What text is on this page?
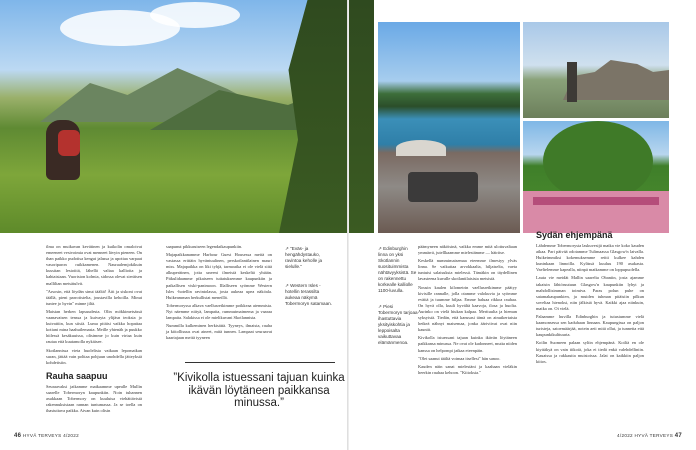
ilma on muikavan kevätinen ja kuikolin omaloivat emeeneet vesivoimia ovat menneet lävyin pieneen. On than paikko pudotisa kengat jalassa ja upottaa varpaat vasoriparon ruikkamenen. Nauraalemjokikuin kussitan lestoiitä, lähellä valtaa kallioita ja kahtaisiaan. Vuoriston kolmia, sidossa olevat sieräisen malliltan metsätulvit.

"Arsosin, että löydän sinut täältä! Äiti ja siskoni ovat täällä, pieni parrotistelta, joustavilla kehoilla. Minut tuntee jo hyvin" minne jiltä.

Maistan herken lapsuudesta. Olin mökkimetsässä vaanavaisen tenssa ja kuivayta ylijäsn teoksia jo kuivattiin, kun siisiä. Luma pitäisi vaikka hopattaa kotiani mina haahuilemasta. Meille yhtenäh ja puukko hiilessä kesäkuuissa, olisimme jo kuin virtaa kuin rautaa että kuutamolla nykäisee.

Skotlannissa vieta huolelista vaikaan lepomatkan suran, jättää vain polttaa pohjuun unohdella jätteyksiä kohdetisiin.

Rauha saapuu

Seuraavaksi jatkamme matkaamme upealle Mullin saarelle Tobermoryn kaupunkiin. Noin tuhannen asukkaan Tobermory on kuuluisa viehättävistä rakennuksistaan rannan tuntumassa. Ja se toella on ihastuttava paikka. Aivan kuin olisin

saapunut pikkuruiseen legendaikaupunkiin.

Majapaikkanamme Harbour Guest Housessa meitä on vastassa erittäin hyväntuulinen, perskotlantilainen mauri miss. Majapaikka on liki tyhjä, tarmoaika ei ole vielä siitä alkuperäinen, jotta uneeni ilmeistä keskeltä yhtään. Pitkulidaamme pikaiseen tuttatuksemme kaupunkiin ja paikallisen viski-panimoon. Illalliseen syömme Western Isles -hotellin ravintolassa, josta aukeaa upea näköala. Huikeamman herkullistat meneillä.

Tobermoryssa alkava vaellusretkimme poikkeaa aiemmista. Nyt näemme niityä, lampaita, rummutmaimema ja vaaraa lampaita. Salakissa ei ole mielikuvani Skotlannista.

Nummilla kulkeminen herkisättä. Tyyneys, ilmaista, rauha ja kiitollisuus ovat aineet, mitä tunnen. Lampaat seuraavat kaartajaan meitä tyyneen

↗ "Eväs- ja hengähdystauko, ravintoa keholle ja sielulle."
↗ Western Isles -hotellin terassilta aukeaa näkymä Tobermoryn satamaan.
↗ Edinburghin linna on yksi Skotlannin suosituimmista nähtävyyksistä. Se on rakennettu korkealle kalliolle 1100-luvulla.
↗ Piesi Tobermoryn tarjoaa ihastuttavia yksityiskohtia ja leppoisalta vaikuttavaa elämänmenoa.
”Kivikolla istuessani tajuan kuinka ikävän löytäneen paikkansa minussa.”

päämyneen näköisinä, vaikka emme mitä ulottuvaltaan ymmärrä, jutellkaamme mielestämme — häiritse.

Keskellä nummimaisemaa eteemme ilmestyy ylväs linna. Se vaikuttaa arvokkaalta, hiljaiselta, vaeta tuntuisi salaisuksia mielessä. Tämäkin on täydellinen lavasteena kuvalle skotlantilaisista metsistä.

Nousin kaulen kilometrin vaellusretkimme päätyy kivisille rannalle, jolla otamme valokuvia ja syömme eväitä ja tuumme hiljaa. Emme haluaa rikkoa rauhaa. On hyvä olla, kuuli hyvältä kaavoja, ilosa ja huolta. Aurinko on vielä hiukan kalpaa. Merituulta ja hieman syksyistä. Tiedän, että kanssasi tämä on ainutkertaista hetkeä nähnyt maisemaa, jonka ääriviivat ovat niin kauniit.

Kivikolla istuessani tajuan kuinka ikävän löytäneen paikkansa minussa. Ne ovat ole kadonneet, mutta niiden kanssa on helpompi jatkaa eteenpäin.

"Olet saanut täältä voimaa itsellesi" hän sanoo.

Kauden näin sanat mielestäni ja kaahaan vieläkin heerkin rauhaa kehoon. "Kiitoksia."

Sydän ehjempänä

Lähdemme Tobermorysta laskuvesijä matka vie koko kauden aikaa. Pari päivää odotamme Tulimaassa Glasgow'n laivalla. Huikeimmiksi kokemuksemme reitti kulkee kahden kuninkaan linnoilla. Kylässä kuuluu 190 asukasta. Vaeltelemme kapealla, niinpä matkamme on loppupuolella.

Lauta vie meidät Mallin saarelta Obaniin, josta ajamme takaisin lähtöruutuun Glasgow'n kaupunkiin lyhyt ja mahdollisimman toimiva. Paras polun puhe on satamakaupunkien, ja muiden tuhman pitäisiin pilkun soveltaa hienoksi, niin jälkistä hyvä. Kaikki ajaa niinkuin, matka on. Oi vielä.

Palaamme huvilla Edinburghin ja tutustumme vielä kaamonsessa sen kaduhaan linnaan. Kaupungissa on paljon turisteja, satoemäärjää, notein aeti mitä ollut, ja tunnetta että kaupunkikulttuuria.

Koilin Suomeen palaan syliin ehjempänä. Koiliä en ole kiyttäkyä on vain tiikoiä, joka ei tiedä enkä valehdelliniin. Kauaissa ja rakkautta muistoissa. Jalat on kaikkiin paljon kiitos.

46 HYVÄ TERVEYS 4/2022	4/2022 HYVÄ TERVEYS 47
